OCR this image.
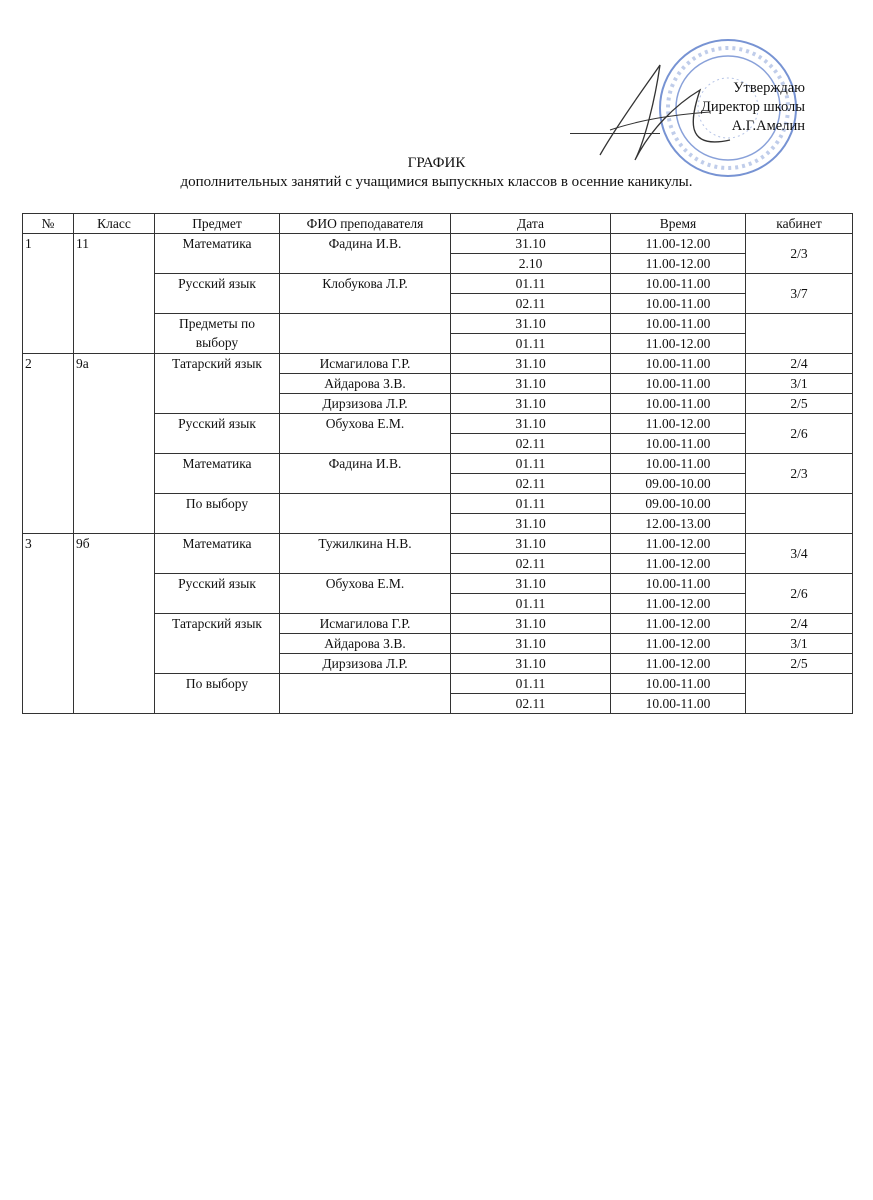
Утверждаю
Директор школы
А.Г.Амелин
ГРАФИК
дополнительных занятий с учащимися выпускных классов в осенние каникулы.
№	Класс	Предмет	ФИО преподавателя	Дата	Время	кабинет
1	11	Математика	Фадина И.В.	31.10	11.00-12.00	2/3
				2.10	11.00-12.00	
		Русский язык	Клобукова Л.Р.	01.11	10.00-11.00	3/7
				02.11	10.00-11.00	
		Предметы по выбору		31.10	10.00-11.00	
				01.11	11.00-12.00	
2	9а	Татарский язык	Исмагилова Г.Р.	31.10	10.00-11.00	2/4
			Айдарова З.В.	31.10	10.00-11.00	3/1
			Дирзизова Л.Р.	31.10	10.00-11.00	2/5
		Русский язык	Обухова Е.М.	31.10	11.00-12.00	2/6
				02.11	10.00-11.00	
		Математика	Фадина И.В.	01.11	10.00-11.00	2/3
				02.11	09.00-10.00	
		По выбору		01.11	09.00-10.00	
				31.10	12.00-13.00	
3	9б	Математика	Тужилкина Н.В.	31.10	11.00-12.00	3/4
				02.11	11.00-12.00	
		Русский язык	Обухова Е.М.	31.10	10.00-11.00	2/6
				01.11	11.00-12.00	
		Татарский язык	Исмагилова Г.Р.	31.10	11.00-12.00	2/4
			Айдарова З.В.	31.10	11.00-12.00	3/1
			Дирзизова Л.Р.	31.10	11.00-12.00	2/5
		По выбору		01.11	10.00-11.00	
				02.11	10.00-11.00	
